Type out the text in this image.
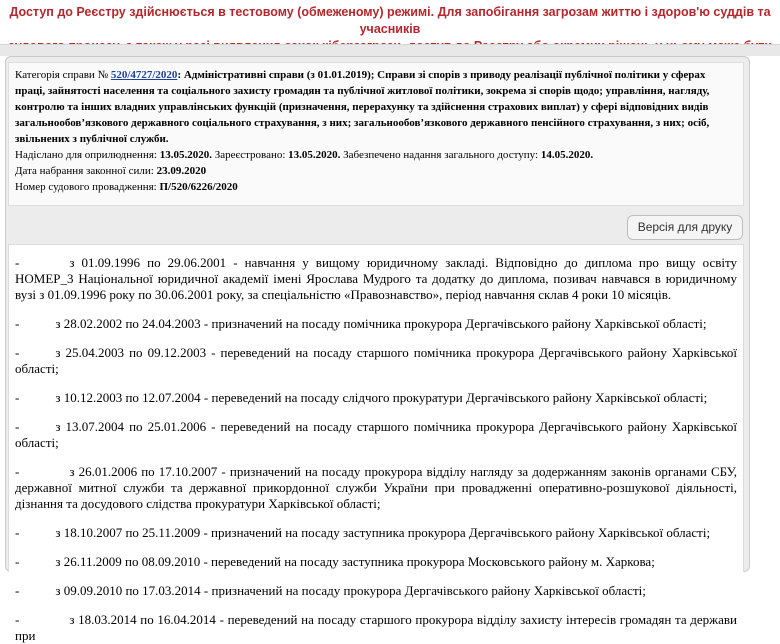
Доступ до Реєстру здійснюється в тестовому (обмеженому) режимі. Для запобігання загрозам життю і здоров'ю суддів та учасників

Категорія справи № 520/4727/2020: Адміністративні справи (з 01.01.2019); Справи зі спорів з приводу реалізації публічної політики у сферах праці, зайнятості населення та соціального захисту громадян та публічної житлової політики, зокрема зі спорів щодо; управління, нагляду, контролю та інших владних управлінських функцій (призначення, перерахунку та здійснення страхових виплат) у сфері відповідних видів загальнообов’язкового державного соціального страхування, з них; загальнообов’язкового державного пенсійного страхування, з них; осіб, звільнених з публічної служби.

Надіслано для оприлюднення: 13.05.2020. Зареєстровано: 13.05.2020. Забезпечено надання загального доступу: 14.05.2020.

Дата набрання законної сили: 23.09.2020

Номер судового провадження: П/520/6226/2020

Версія для друку

-	з 01.09.1996 по 29.06.2001 - навчання у вищому юридичному закладі. Відповідно до диплома про вищу освіту НОМЕР_3 Національної юридичної академії імені Ярослава Мудрого та додатку до диплома, позивач навчався в юридичному вузі з 01.09.1996 року по 30.06.2001 року, за спеціальністю «Правознавство», період навчання склав 4 роки 10 місяців.

-	з 28.02.2002 по 24.04.2003 - призначений на посаду помічника прокурора Дергачівського району Харківської області;

-	з 25.04.2003 по 09.12.2003 - переведений на посаду старшого помічника прокурора Дергачівського району Харківської області;

-	з 10.12.2003 по 12.07.2004 - переведений на посаду слідчого прокуратури Дергачівського району Харківської області;

-	з 13.07.2004 по 25.01.2006 - переведений на посаду старшого помічника прокурора Дергачівського району Харківської області;

-	з 26.01.2006 по 17.10.2007 - призначений на посаду прокурора відділу нагляду за додержанням законів органами СБУ, державної митної служби та державної прикордонної служби України при провадженні оперативно-розшукової діяльності, дізнання та досудового слідства прокуратури Харківської області;

-	з 18.10.2007 по 25.11.2009 - призначений на посаду заступника прокурора Дергачівського району Харківської області;

-	з 26.11.2009 по 08.09.2010 - переведений на посаду заступника прокурора Московського району м. Харкова;

-	з 09.09.2010 по 17.03.2014 - призначений на посаду прокурора Дергачівського району Харківської області;

-	з 18.03.2014 по 16.04.2014 - переведений на посаду старшого прокурора відділу захисту інтересів громадян та держави при
